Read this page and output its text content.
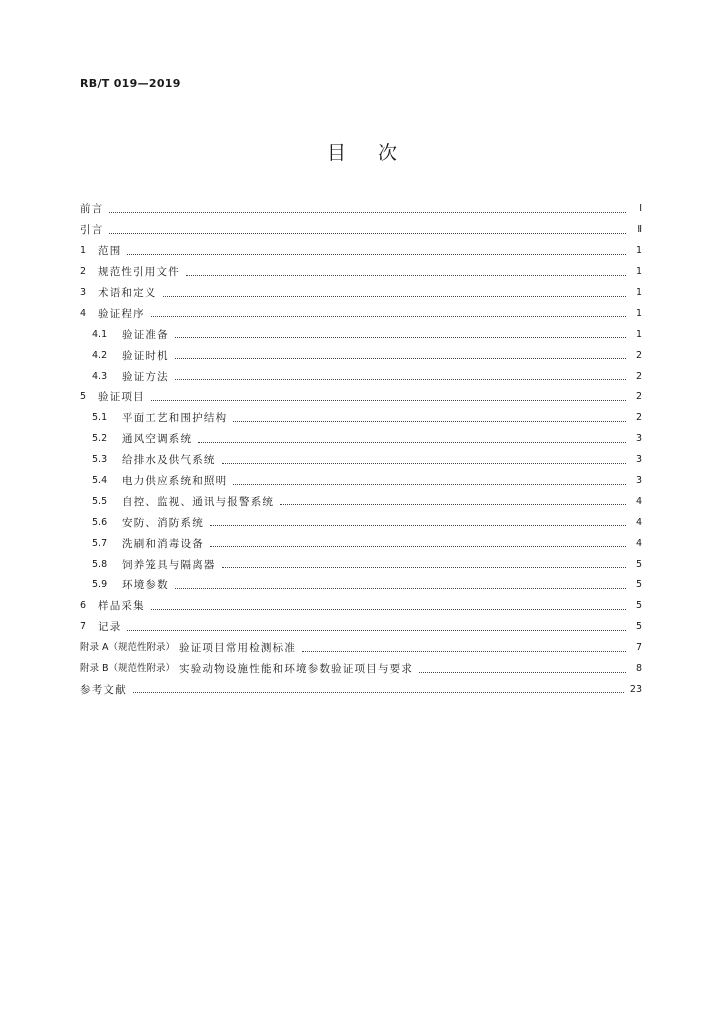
RB/T 019—2019
目次
前言	Ⅰ
引言	Ⅱ
1	范围	1
2	规范性引用文件	1
3	术语和定义	1
4	验证程序	1
4.1	验证准备	1
4.2	验证时机	2
4.3	验证方法	2
5	验证项目	2
5.1	平面工艺和围护结构	2
5.2	通风空调系统	3
5.3	给排水及供气系统	3
5.4	电力供应系统和照明	3
5.5	自控、监视、通讯与报警系统	4
5.6	安防、消防系统	4
5.7	洗刷和消毒设备	4
5.8	饲养笼具与隔离器	5
5.9	环境参数	5
6	样品采集	5
7	记录	5
附录 A（规范性附录） 验证项目常用检测标准	7
附录 B（规范性附录） 实验动物设施性能和环境参数验证项目与要求	8
参考文献	23
